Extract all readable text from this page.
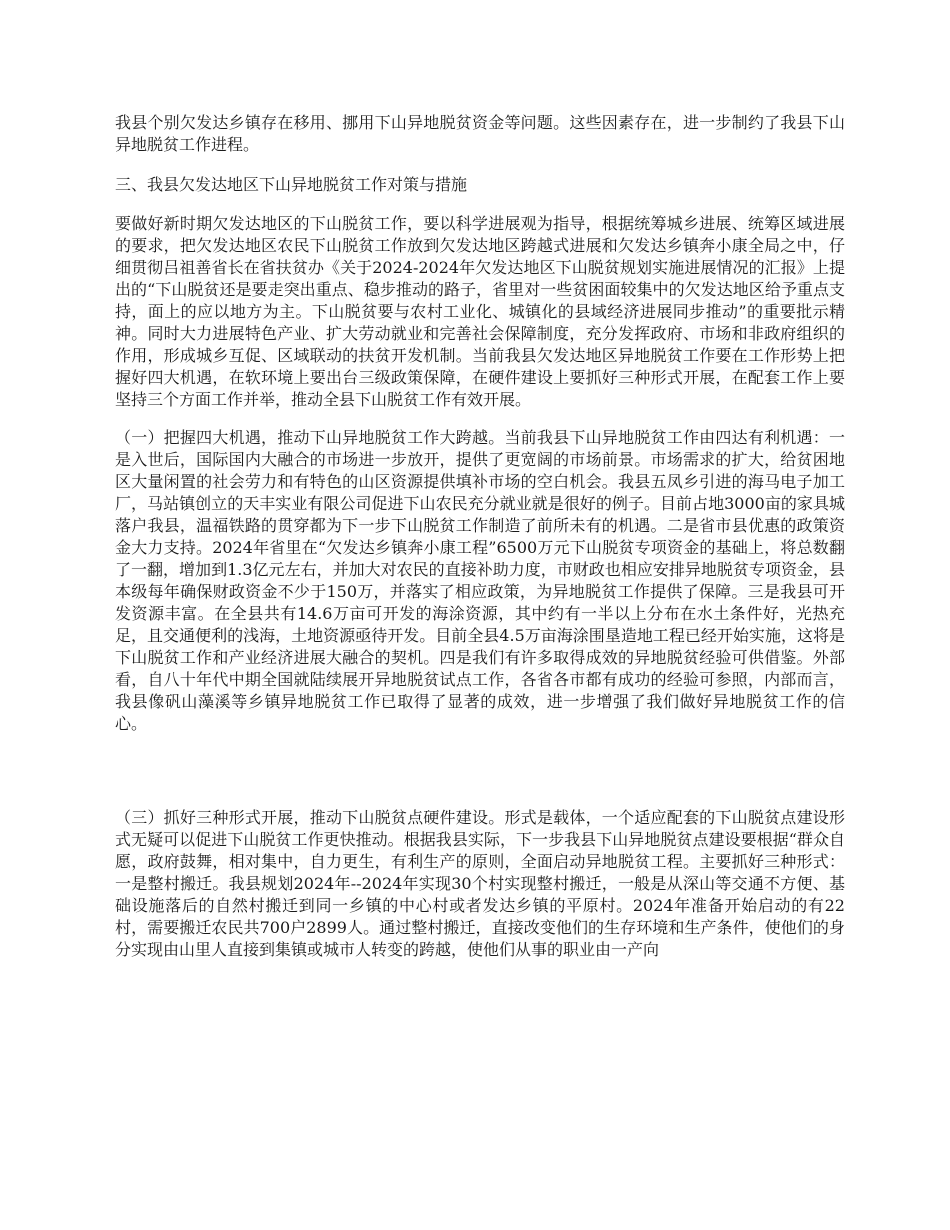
我县个别欠发达乡镇存在移用、挪用下山异地脱贫资金等问题。这些因素存在，进一步制约了我县下山异地脱贫工作进程。

三、我县欠发达地区下山异地脱贫工作对策与措施

要做好新时期欠发达地区的下山脱贫工作，要以科学进展观为指导，根据统筹城乡进展、统筹区域进展的要求，把欠发达地区农民下山脱贫工作放到欠发达地区跨越式进展和欠发达乡镇奔小康全局之中，仔细贯彻吕祖善省长在省扶贫办《关于2024-2024年欠发达地区下山脱贫规划实施进展情况的汇报》上提出的“下山脱贫还是要走突出重点、稳步推动的路子，省里对一些贫困面较集中的欠发达地区给予重点支持，面上的应以地方为主。下山脱贫要与农村工业化、城镇化的县域经济进展同步推动”的重要批示精神。同时大力进展特色产业、扩大劳动就业和完善社会保障制度，充分发挥政府、市场和非政府组织的作用，形成城乡互促、区域联动的扶贫开发机制。当前我县欠发达地区异地脱贫工作要在工作形势上把握好四大机遇，在软环境上要出台三级政策保障，在硬件建设上要抓好三种形式开展，在配套工作上要坚持三个方面工作并举，推动全县下山脱贫工作有效开展。

（一）把握四大机遇，推动下山异地脱贫工作大跨越。当前我县下山异地脱贫工作由四达有利机遇：一是入世后，国际国内大融合的市场进一步放开，提供了更宽阔的市场前景。市场需求的扩大，给贫困地区大量闲置的社会劳力和有特色的山区资源提供填补市场的空白机会。我县五凤乡引进的海马电子加工厂，马站镇创立的天丰实业有限公司促进下山农民充分就业就是很好的例子。目前占地3000亩的家具城落户我县，温福铁路的贯穿都为下一步下山脱贫工作制造了前所未有的机遇。二是省市县优惠的政策资金大力支持。2024年省里在“欠发达乡镇奔小康工程”6500万元下山脱贫专项资金的基础上，将总数翻了一翻，增加到1.3亿元左右，并加大对农民的直接补助力度，市财政也相应安排异地脱贫专项资金，县本级每年确保财政资金不少于150万，并落实了相应政策，为异地脱贫工作提供了保障。三是我县可开发资源丰富。在全县共有14.6万亩可开发的海涂资源，其中约有一半以上分布在水土条件好，光热充足，且交通便利的浅海，土地资源亟待开发。目前全县4.5万亩海涂围垦造地工程已经开始实施，这将是下山脱贫工作和产业经济进展大融合的契机。四是我们有许多取得成效的异地脱贫经验可供借鉴。外部看，自八十年代中期全国就陆续展开异地脱贫试点工作，各省各市都有成功的经验可参照，内部而言，我县像矾山藻溪等乡镇异地脱贫工作已取得了显著的成效，进一步增强了我们做好异地脱贫工作的信心。

（三）抓好三种形式开展，推动下山脱贫点硬件建设。形式是载体，一个适应配套的下山脱贫点建设形式无疑可以促进下山脱贫工作更快推动。根据我县实际，下一步我县下山异地脱贫点建设要根据“群众自愿，政府鼓舞，相对集中，自力更生，有利生产的原则，全面启动异地脱贫工程。主要抓好三种形式：一是整村搬迁。我县规划2024年--2024年实现30个村实现整村搬迁，一般是从深山等交通不方便、基础设施落后的自然村搬迁到同一乡镇的中心村或者发达乡镇的平原村。2024年准备开始启动的有22村，需要搬迁农民共700户2899人。通过整村搬迁，直接改变他们的生存环境和生产条件，使他们的身分实现由山里人直接到集镇或城市人转变的跨越，使他们从事的职业由一产向
